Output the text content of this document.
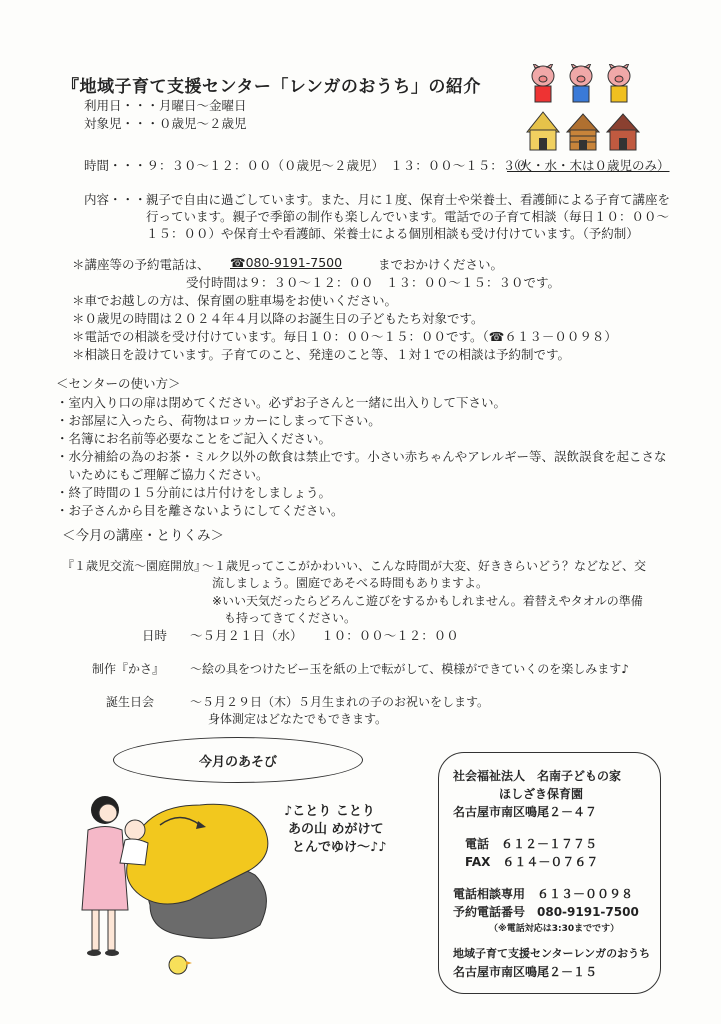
『地域子育て支援センター「レンガのおうち」の紹介
利用日・・・月曜日～金曜日
対象児・・・０歳児～２歳児
時間・・・９：３０～１２：００（０歳児～２歳児）　１３：００～１５：３０
（火・水・木は０歳児のみ）
内容・・・ 親子で自由に過ごしています。また、月に１度、保育士や栄養士、看護師による子育て講座を
行っています。親子で季節の制作も楽しんでいます。電話での子育て相談（毎日１０：００～
１５：００）や保育士や看護師、栄養士による個別相談も受け付けています。（予約制）
＊講座等の予約電話は、 ☎080-9191-7500	までおかけください。
受付時間は９：３０～１２：００　１３：００～１５：３０です。
＊車でお越しの方は、保育園の駐車場をお使いください。
＊０歳児の時間は２０２４年４月以降のお誕生日の子どもたち対象です。
＊電話での相談を受け付けています。毎日１０：００～１５：００です。（☎６１３－００９８）
＊相談日を設けています。子育てのこと、発達のこと等、１対１での相談は予約制です。
＜センターの使い方＞
・室内入り口の扉は閉めてください。必ずお子さんと一緒に出入りして下さい。
・お部屋に入ったら、荷物はロッカーにしまって下さい。
・名簿にお名前等必要なことをご記入ください。
・水分補給の為のお茶・ミルク以外の飲食は禁止です。小さい赤ちゃんやアレルギー等、誤飲誤食を起こさな
　いためにもご理解ご協力ください。
・終了時間の１５分前には片付けをしましょう。
・お子さんから目を離さないようにしてください。
＜今月の講座・とりくみ＞
『１歳児交流～園庭開放』
～１歳児ってここがかわいい、こんな時間が大変、好ききらいどう？などなど、交
流しましょう。園庭であそべる時間もありますよ。
※いい天気だったらどろんこ遊びをするかもしれません。着替えやタオルの準備
も持ってきてください。
日時 ～５月２１日（水）　　１０：００～１２：００
制作『かさ』 ～絵の具をつけたビー玉を紙の上で転がして、模様ができていくのを楽しみます♪
誕生日会	～５月２９日（木）５月生まれの子のお祝いをします。
身体測定はどなたでもできます。
今月のあそび
♪ことり ことり
あの山 めがけて
とんでゆけ～♪♪
社会福祉法人　名南子どもの家
ほしざき保育園
名古屋市南区鳴尾２－４７
電話　６１２－１７７５
FAX　６１４－０７６７
電話相談専用　６１３－００９８
予約電話番号　080-9191-7500
（※電話対応は3:30までです）
地域子育て支援センターレンガのおうち
名古屋市南区鳴尾２－１５
